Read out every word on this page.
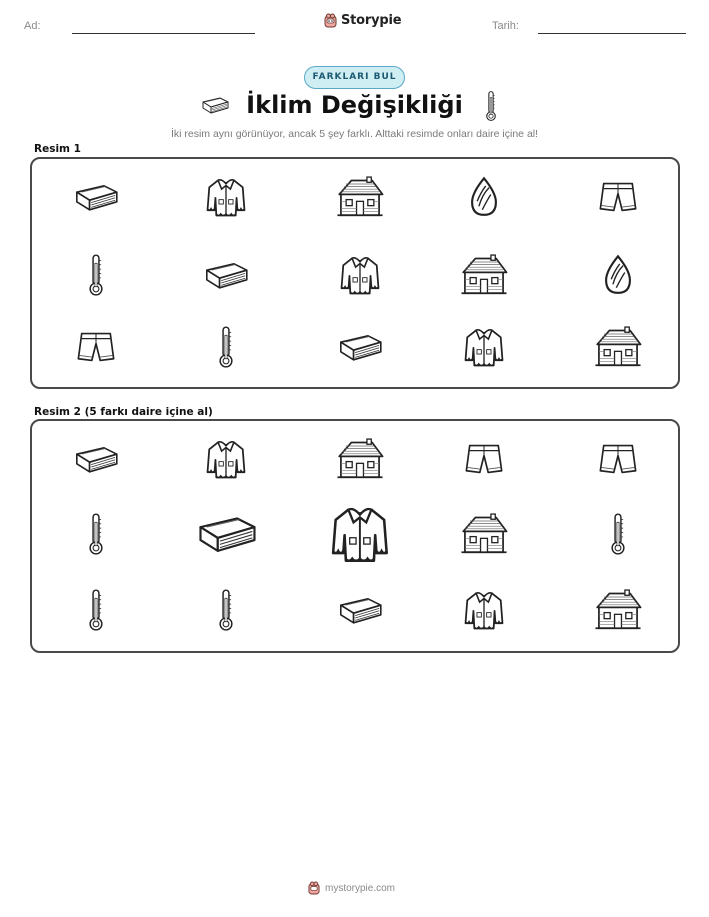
Ad:	Storypie	Tarih:
FARKLARI BUL
İklim Değişikliği
İki resim aynı görünüyor, ancak 5 şey farklı. Alttaki resimde onları daire içine al!
Resim 1
Resim 2 (5 farkı daire içine al)
mystorypie.com
